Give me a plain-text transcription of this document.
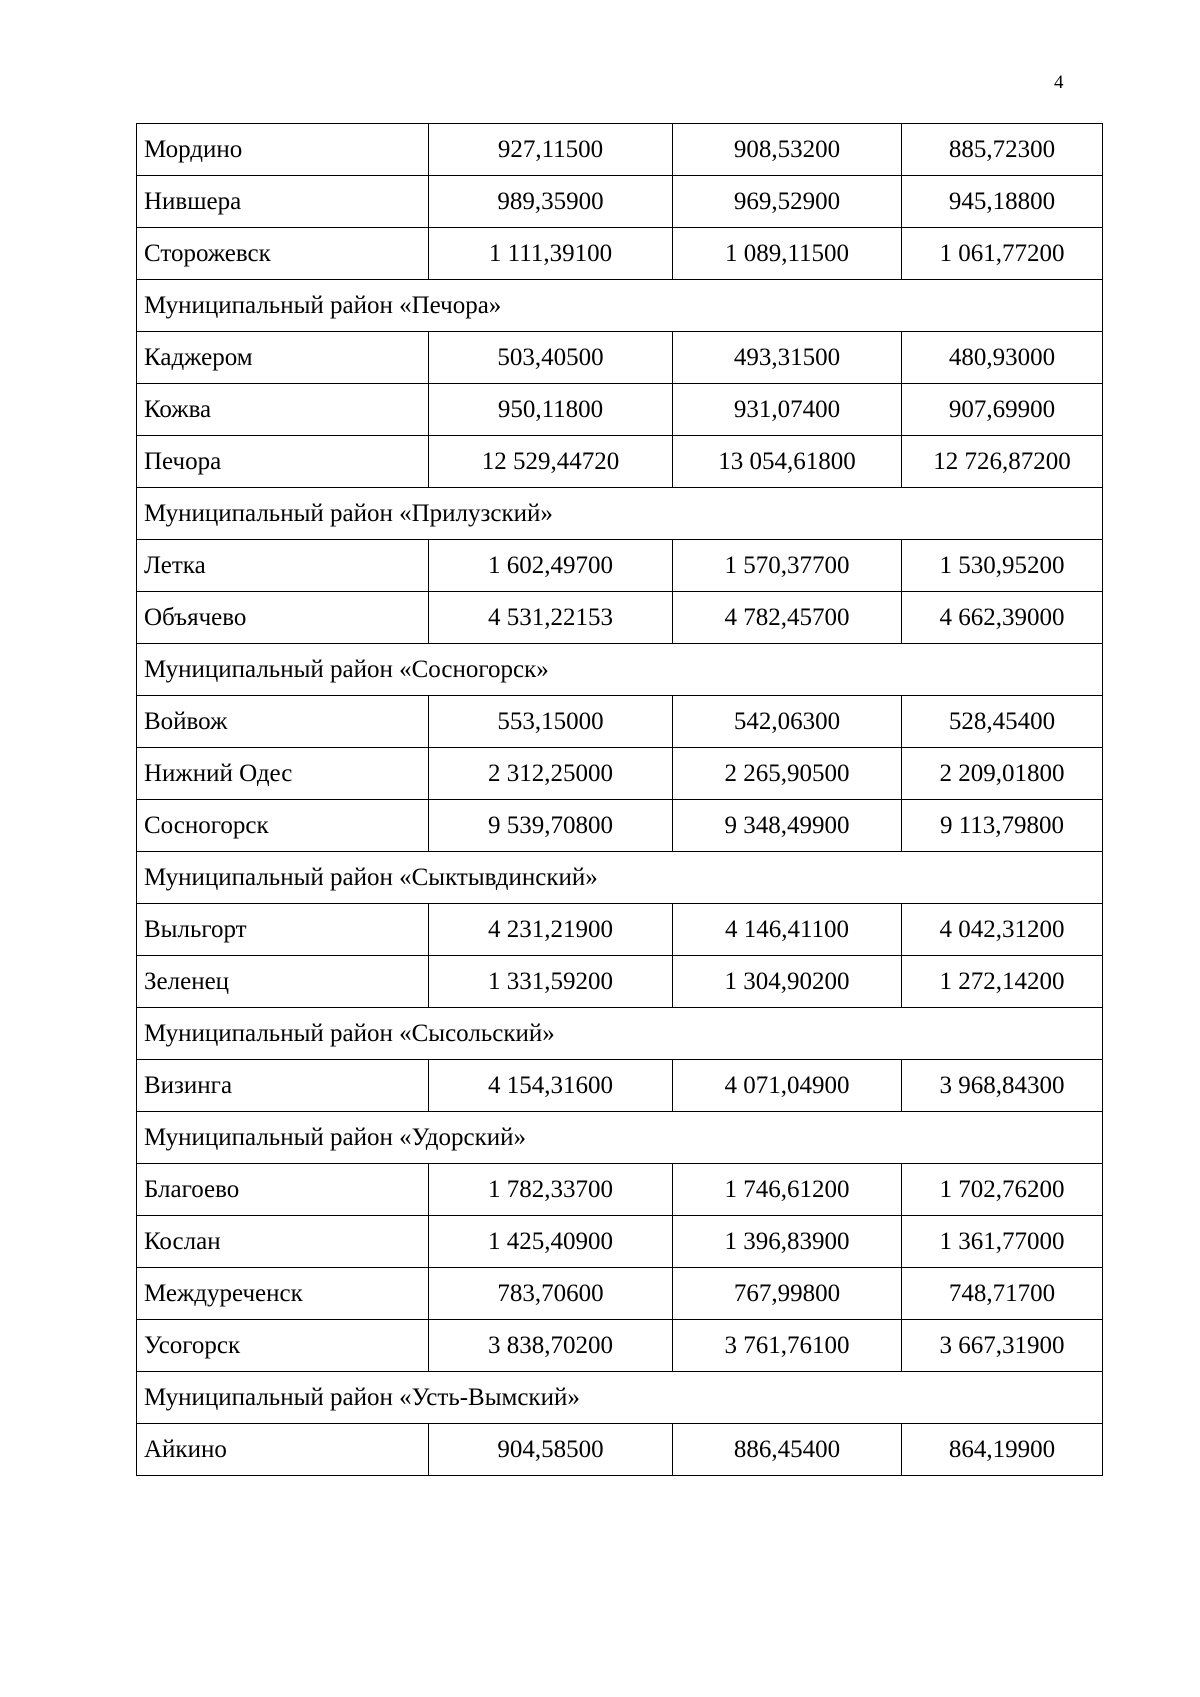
4
Мордино	927,11500	908,53200	885,72300
Нившера	989,35900	969,52900	945,18800
Сторожевск	1 111,39100	1 089,11500	1 061,77200
Муниципальный район «Печора»			
Каджером	503,40500	493,31500	480,93000
Кожва	950,11800	931,07400	907,69900
Печора	12 529,44720	13 054,61800	12 726,87200
Муниципальный район «Прилузский»			
Летка	1 602,49700	1 570,37700	1 530,95200
Объячево	4 531,22153	4 782,45700	4 662,39000
Муниципальный район «Сосногорск»			
Войвож	553,15000	542,06300	528,45400
Нижний Одес	2 312,25000	2 265,90500	2 209,01800
Сосногорск	9 539,70800	9 348,49900	9 113,79800
Муниципальный район «Сыктывдинский»			
Выльгорт	4 231,21900	4 146,41100	4 042,31200
Зеленец	1 331,59200	1 304,90200	1 272,14200
Муниципальный район «Сысольский»			
Визинга	4 154,31600	4 071,04900	3 968,84300
Муниципальный район «Удорский»			
Благоево	1 782,33700	1 746,61200	1 702,76200
Кослан	1 425,40900	1 396,83900	1 361,77000
Междуреченск	783,70600	767,99800	748,71700
Усогорск	3 838,70200	3 761,76100	3 667,31900
Муниципальный район «Усть-Вымский»			
Айкино	904,58500	886,45400	864,19900
